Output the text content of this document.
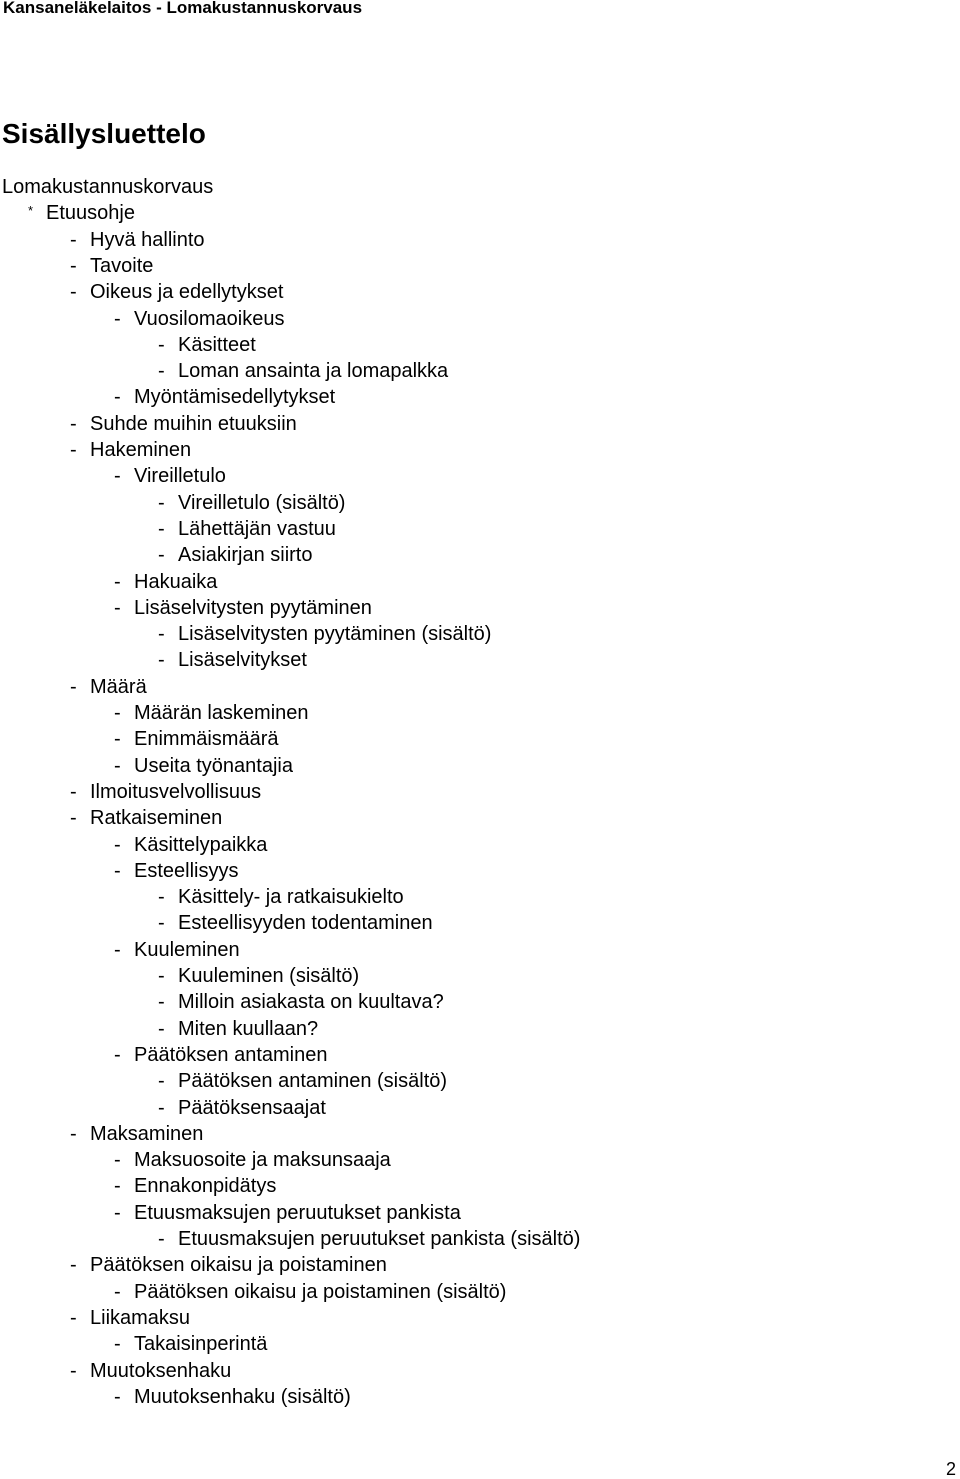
Kansaneläkelaitos - Lomakustannuskorvaus
Sisällysluettelo
Lomakustannuskorvaus
* Etuusohje
- Hyvä hallinto
- Tavoite
- Oikeus ja edellytykset
- Vuosilomaoikeus
- Käsitteet
- Loman ansainta ja lomapalkka
- Myöntämisedellytykset
- Suhde muihin etuuksiin
- Hakeminen
- Vireilletulo
- Vireilletulo (sisältö)
- Lähettäjän vastuu
- Asiakirjan siirto
- Hakuaika
- Lisäselvitysten pyytäminen
- Lisäselvitysten pyytäminen (sisältö)
- Lisäselvitykset
- Määrä
- Määrän laskeminen
- Enimmäismäärä
- Useita työnantajia
- Ilmoitusvelvollisuus
- Ratkaiseminen
- Käsittelypaikka
- Esteellisyys
- Käsittely- ja ratkaisukielto
- Esteellisyyden todentaminen
- Kuuleminen
- Kuuleminen (sisältö)
- Milloin asiakasta on kuultava?
- Miten kuullaan?
- Päätöksen antaminen
- Päätöksen antaminen (sisältö)
- Päätöksensaajat
- Maksaminen
- Maksuosoite ja maksunsaaja
- Ennakonpidätys
- Etuusmaksujen peruutukset pankista
- Etuusmaksujen peruutukset pankista (sisältö)
- Päätöksen oikaisu ja poistaminen
- Päätöksen oikaisu ja poistaminen (sisältö)
- Liikamaksu
- Takaisinperintä
- Muutoksenhaku
- Muutoksenhaku (sisältö)
2
